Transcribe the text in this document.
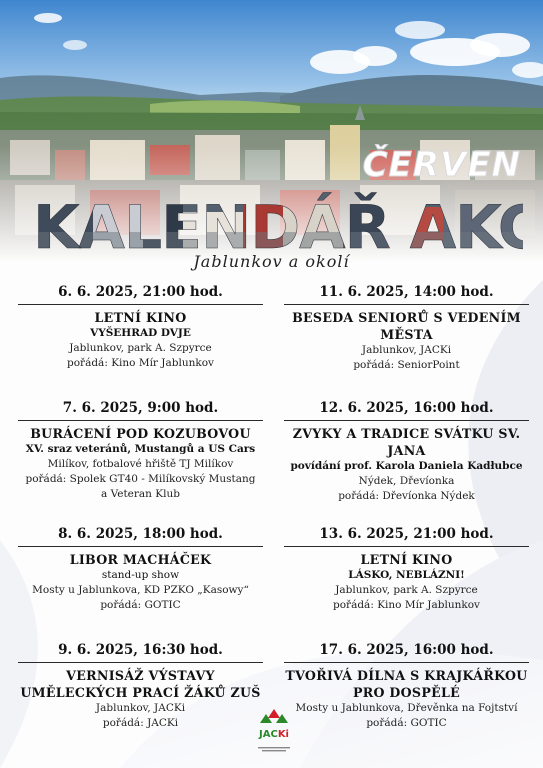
ČERVEN
Jablunkov a okolí
6. 6. 2025, 21:00 hod.
LETNÍ KINO
VYŠEHRAD DVJE
Jablunkov, park A. Szpyrce
pořádá: Kino Mír Jablunkov
7. 6. 2025, 9:00 hod.
BURÁCENÍ POD KOZUBOVOU
XV. sraz veteránů, Mustangů a US Cars
Milíkov, fotbalové hřiště TJ Milíkov
pořádá: Spolek GT40 - Milíkovský Mustang
a Veteran Klub
8. 6. 2025, 18:00 hod.
LIBOR MACHÁČEK
stand-up show
Mosty u Jablunkova, KD PZKO „Kasowy“
pořádá: GOTIC
9. 6. 2025, 16:30 hod.
VERNISÁŽ VÝSTAVY UMĚLECKÝCH PRACÍ ŽÁKŮ ZUŠ
Jablunkov, JACKi
pořádá: JACKi
11. 6. 2025, 14:00 hod.
BESEDA SENIORŮ S VEDENÍM MĚSTA
Jablunkov, JACKi
pořádá: SeniorPoint
12. 6. 2025, 16:00 hod.
ZVYKY A TRADICE SVÁTKU SV. JANA
povídání prof. Karola Daniela Kadłubce
Nýdek, Dřevíonka
pořádá: Dřevíonka Nýdek
13. 6. 2025, 21:00 hod.
LETNÍ KINO
LÁSKO, NEBLÁZNI!
Jablunkov, park A. Szpyrce
pořádá: Kino Mír Jablunkov
17. 6. 2025, 16:00 hod.
TVOŘIVÁ DÍLNA S KRAJKÁŘKOU PRO DOSPĚLÉ
Mosty u Jablunkova, Dřevěnka na Fojtství
pořádá: GOTIC
JACKi
